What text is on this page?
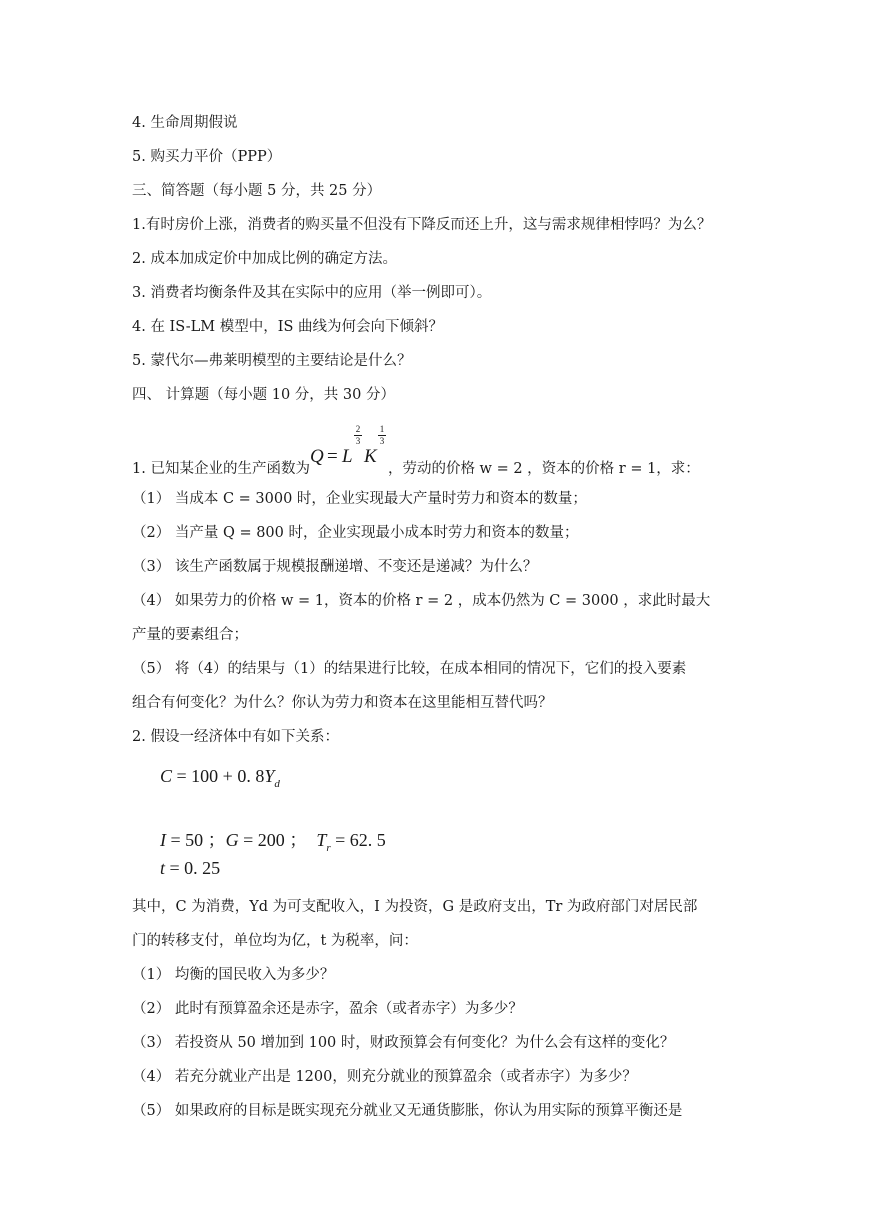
4. 生命周期假说
5. 购买力平价（PPP）
三、简答题（每小题 5 分，共 25 分）
1.有时房价上涨，消费者的购买量不但没有下降反而还上升，这与需求规律相悖吗？为么？
2. 成本加成定价中加成比例的确定方法。
3. 消费者均衡条件及其在实际中的应用（举一例即可）。
4. 在 IS-LM 模型中，IS 曲线为何会向下倾斜？
5. 蒙代尔—弗莱明模型的主要结论是什么？
四、 计算题（每小题 10 分，共 30 分）
1. 已知某企业的生产函数为
Q = L
2
3
K
1
3
，劳动的价格 w = 2 ，资本的价格 r = 1，求：
（1） 当成本 C = 3000 时，企业实现最大产量时劳力和资本的数量；
（2） 当产量 Q = 800 时，企业实现最小成本时劳力和资本的数量；
（3） 该生产函数属于规模报酬递增、不变还是递减？为什么？
（4） 如果劳力的价格 w = 1，资本的价格 r = 2 ，成本仍然为 C = 3000 ，求此时最大
产量的要素组合；
（5） 将（4）的结果与（1）的结果进行比较，在成本相同的情况下，它们的投入要素
组合有何变化？为什么？你认为劳力和资本在这里能相互替代吗？
2. 假设一经济体中有如下关系：
C = 100 + 0. $8Y_d$
I = 50 ；G = 200 ； $T_r = 62$. 5
t = 0. 25
其中，C 为消费，Yd 为可支配收入，I 为投资，G 是政府支出，Tr 为政府部门对居民部
门的转移支付，单位均为亿，t 为税率，问：
（1） 均衡的国民收入为多少？
（2） 此时有预算盈余还是赤字，盈余（或者赤字）为多少？
（3） 若投资从 50 增加到 100 时，财政预算会有何变化？为什么会有这样的变化？
（4） 若充分就业产出是 1200，则充分就业的预算盈余（或者赤字）为多少？
（5） 如果政府的目标是既实现充分就业又无通货膨胀，你认为用实际的预算平衡还是
